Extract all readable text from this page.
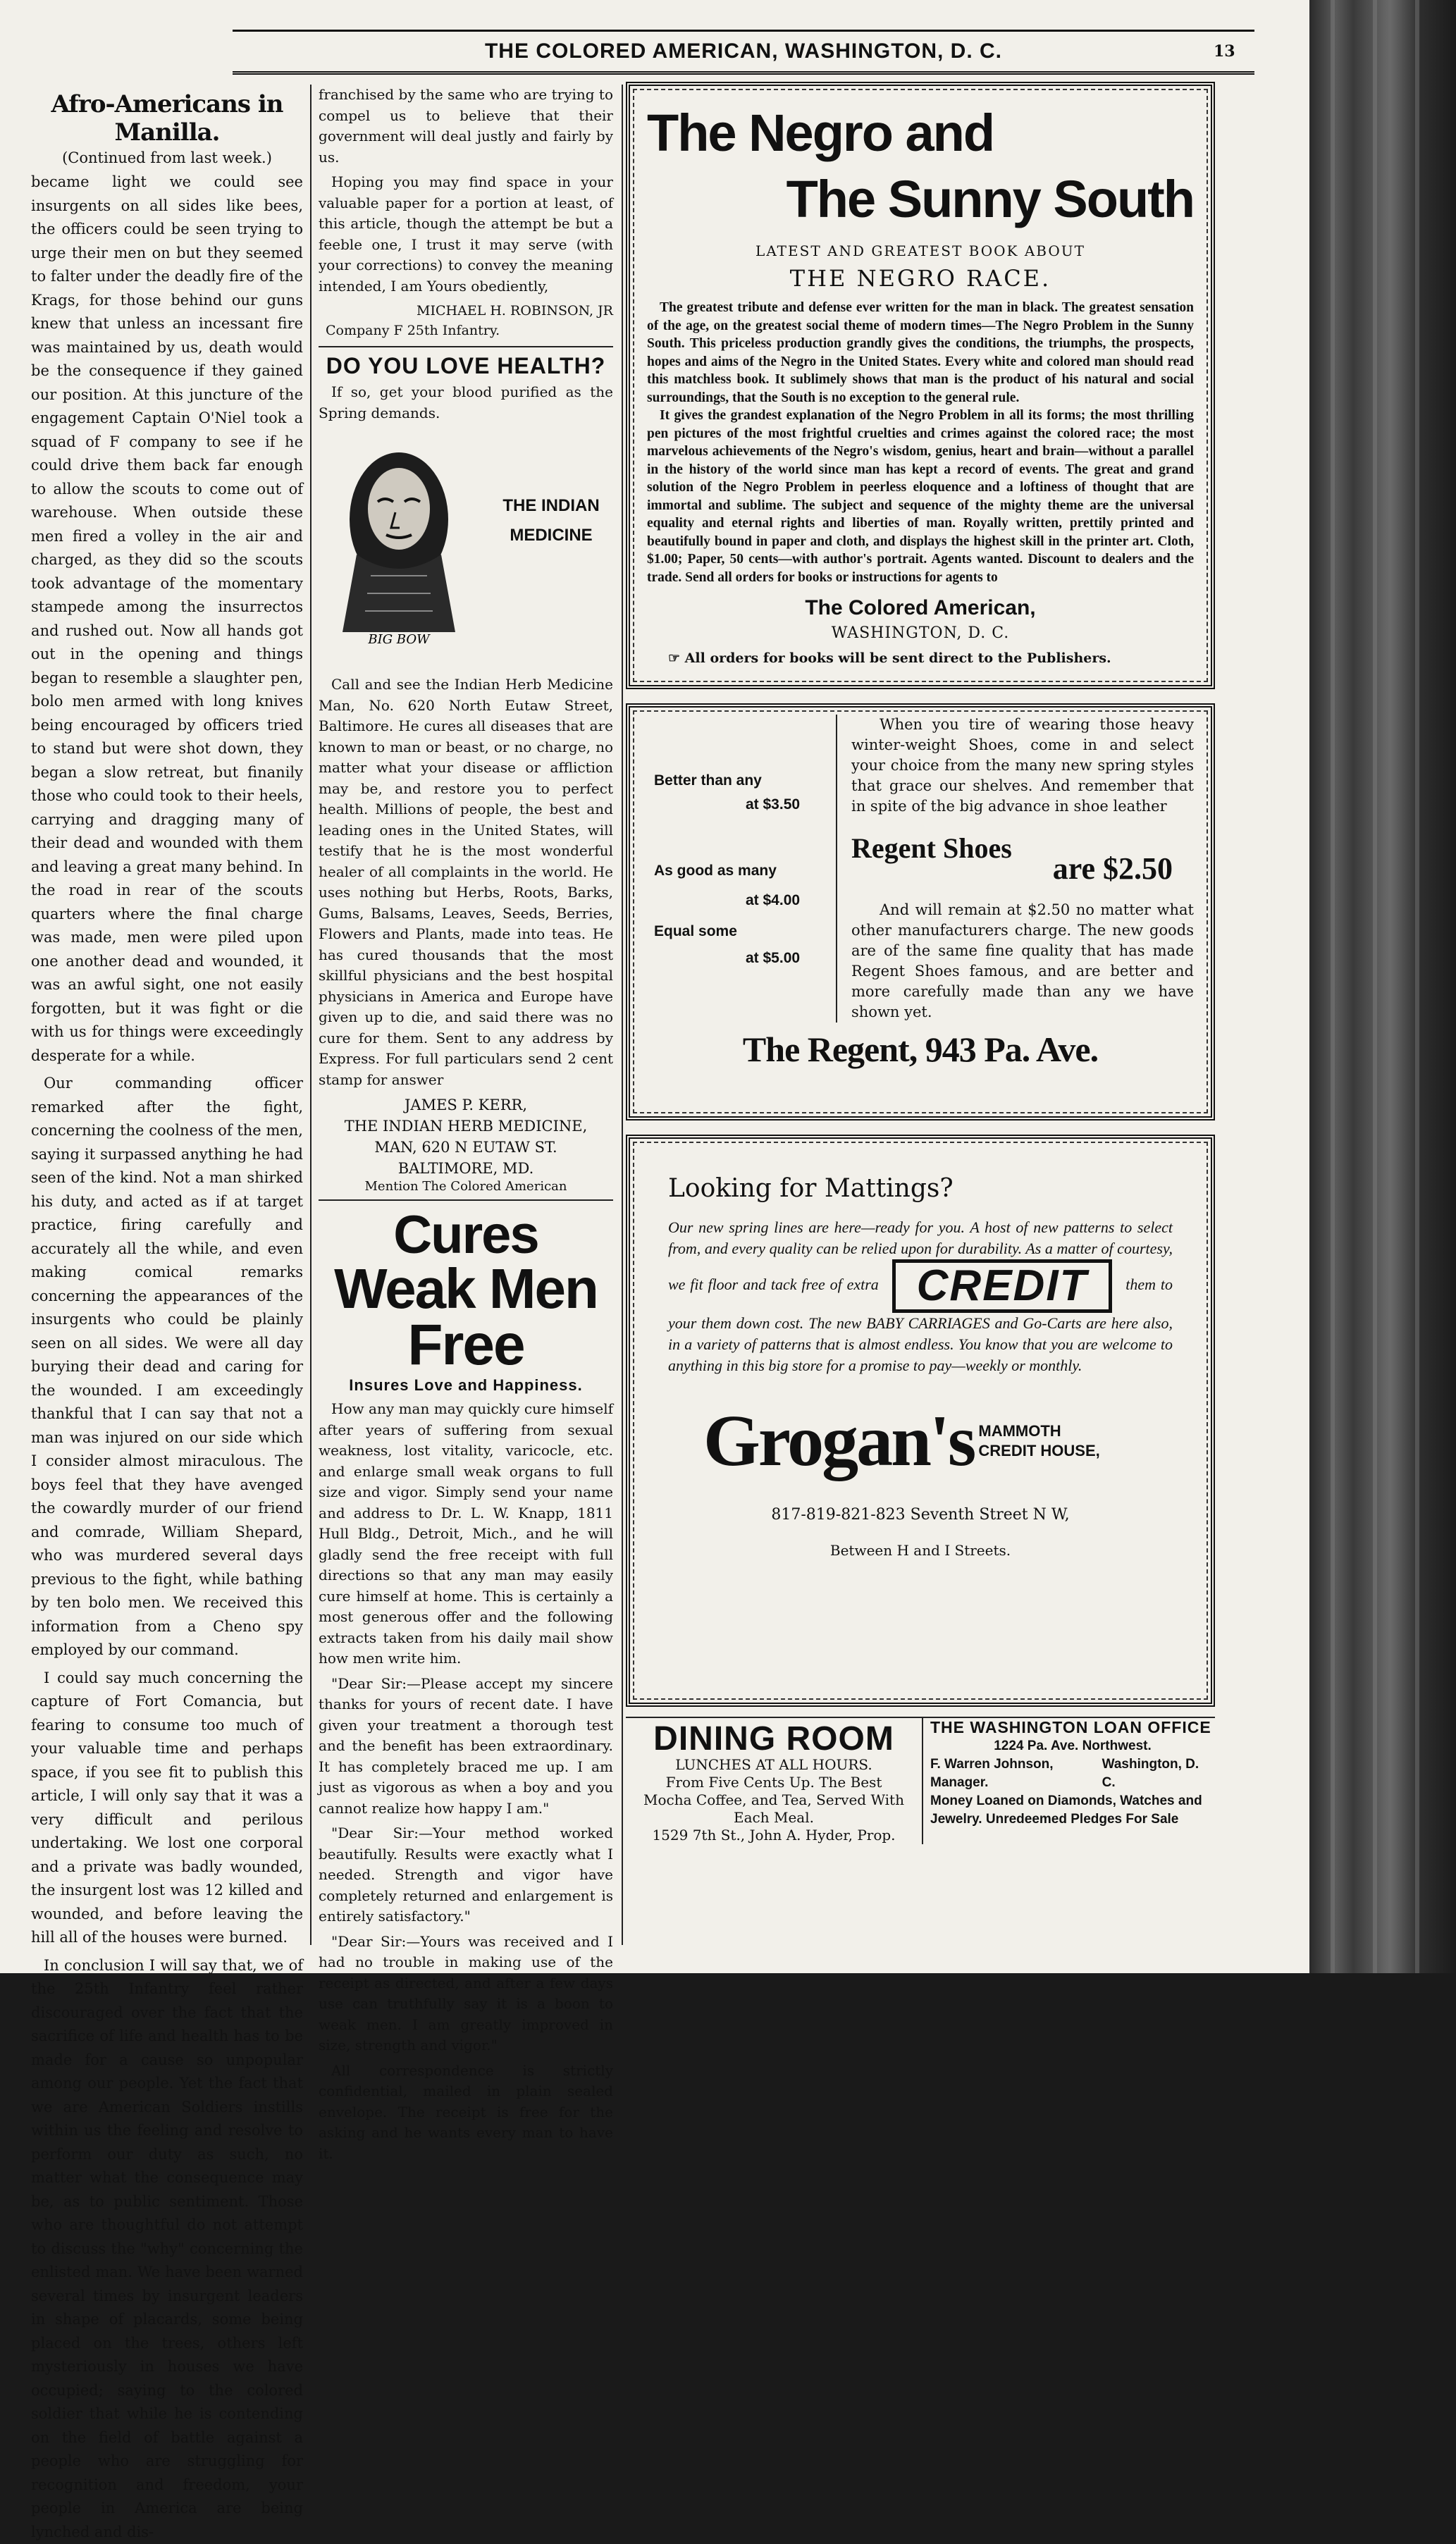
THE COLORED AMERICAN, WASHINGTON, D. C.	13
Afro-Americans in Manilla.
(Continued from last week.)

became light we could see insurgents on all sides like bees, the officers could be seen trying to urge their men on but they seemed to falter under the deadly fire of the Krags, for those behind our guns knew that unless an incessant fire was maintained by us, death would be the consequence if they gained our position. At this juncture of the engagement Captain O'Niel took a squad of F company to see if he could drive them back far enough to allow the scouts to come out of warehouse. When outside these men fired a volley in the air and charged, as they did so the scouts took advantage of the momentary stampede among the insurrectos and rushed out. Now all hands got out in the opening and things began to resemble a slaughter pen, bolo men armed with long knives being encouraged by officers tried to stand but were shot down, they began a slow retreat, but finanily those who could took to their heels, carrying and dragging many of their dead and wounded with them and leaving a great many behind. In the road in rear of the scouts quarters where the final charge was made, men were piled upon one another dead and wounded, it was an awful sight, one not easily forgotten, but it was fight or die with us for things were exceedingly desperate for a while.

Our commanding officer remarked after the fight, concerning the coolness of the men, saying it surpassed anything he had seen of the kind. Not a man shirked his duty, and acted as if at target practice, firing carefully and accurately all the while, and even making comical remarks concerning the appearances of the insurgents who could be plainly seen on all sides. We were all day burying their dead and caring for the wounded. I am exceedingly thankful that I can say that not a man was injured on our side which I consider almost miraculous. The boys feel that they have avenged the cowardly murder of our friend and comrade, William Shepard, who was murdered several days previous to the fight, while bathing by ten bolo men. We received this information from a Cheno spy employed by our command.

I could say much concerning the capture of Fort Comancia, but fearing to consume too much of your valuable time and perhaps space, if you see fit to publish this article, I will only say that it was a very difficult and perilous undertaking. We lost one corporal and a private was badly wounded, the insurgent lost was 12 killed and wounded, and before leaving the hill all of the houses were burned.

In conclusion I will say that, we of the 25th Infantry feel rather discouraged over the fact that the sacrifice of life and health has to be made for a cause so unpopular among our people. Yet the fact that we are American Soldiers instills within us the feeling and resolve to perform our duty as such, no matter what the consequence may be, as to public sentiment. Those who are thoughtful do not attempt to discuss the "why" concerning the enlisted man. We have been warned several times by insurgent leaders in shape of placards, some being placed on the trees, others left mysteriously in houses we have occupied; saying to the colored soldier that while he is contending on the field of battle against a people who are struggling for recognition and freedom, your people in America are being lynched and dis-

franchised by the same who are trying to compel us to believe that their government will deal justly and fairly by us.

Hoping you may find space in your valuable paper for a portion at least, of this article, though the attempt be but a feeble one, I trust it may serve (with your corrections) to convey the meaning intended, I am Yours obediently,

MICHAEL H. ROBINSON, JR
Company F 25th Infantry.
DO YOU LOVE HEALTH?

If so, get your blood purified as the Spring demands.

BIG BOW
THE INDIAN MEDICINE

Call and see the Indian Herb Medicine Man, No. 620 North Eutaw Street, Baltimore. He cures all diseases that are known to man or beast, or no charge, no matter what your disease or affliction may be, and restore you to perfect health. Millions of people, the best and leading ones in the United States, will testify that he is the most wonderful healer of all complaints in the world. He uses nothing but Herbs, Roots, Barks, Gums, Balsams, Leaves, Seeds, Berries, Flowers and Plants, made into teas. He has cured thousands that the most skillful physicians and the best hospital physicians in America and Europe have given up to die, and said there was no cure for them. Sent to any address by Express. For full particulars send 2 cent stamp for answer

JAMES P. KERR,
THE INDIAN HERB MEDICINE,
MAN, 620 N EUTAW ST.
BALTIMORE, MD.
Mention The Colored American
Cures
Weak Men
Free
Insures Love and Happiness.

How any man may quickly cure himself after years of suffering from sexual weakness, lost vitality, varicocle, etc. and enlarge small weak organs to full size and vigor. Simply send your name and address to Dr. L. W. Knapp, 1811 Hull Bldg., Detroit, Mich., and he will gladly send the free receipt with full directions so that any man may easily cure himself at home. This is certainly a most generous offer and the following extracts taken from his daily mail show how men write him.

"Dear Sir:—Please accept my sincere thanks for yours of recent date. I have given your treatment a thorough test and the benefit has been extraordinary. It has completely braced me up. I am just as vigorous as when a boy and you cannot realize how happy I am."

"Dear Sir:—Your method worked beautifully. Results were exactly what I needed. Strength and vigor have completely returned and enlargement is entirely satisfactory."

"Dear Sir:—Yours was received and I had no trouble in making use of the receipt as directed, and after a few days use can truthfully say it is a boon to weak men. I am greatly improved in size, strength and vigor."

All correspondence is strictly confidential, mailed in plain sealed envelope. The receipt is free for the asking and he wants every man to have it.

The Negro and
The Sunny South
LATEST AND GREATEST BOOK ABOUT
THE NEGRO RACE.
The greatest tribute and defense ever written for the man in black. The greatest sensation of the age, on the greatest social theme of modern times—The Negro Problem in the Sunny South. This priceless production grandly gives the conditions, the triumphs, the prospects, hopes and aims of the Negro in the United States. Every white and colored man should read this matchless book. It sublimely shows that man is the product of his natural and social surroundings, that the South is no exception to the general rule.
It gives the grandest explanation of the Negro Problem in all its forms; the most thrilling pen pictures of the most frightful cruelties and crimes against the colored race; the most marvelous achievements of the Negro's wisdom, genius, heart and brain—without a parallel in the history of the world since man has kept a record of events. The great and grand solution of the Negro Problem in peerless eloquence and a loftiness of thought that are immortal and sublime. The subject and sequence of the mighty theme are the universal equality and eternal rights and liberties of man. Royally written, prettily printed and beautifully bound in paper and cloth, and displays the highest skill in the printer art. Cloth, $1.00; Paper, 50 cents—with author's portrait. Agents wanted. Discount to dealers and the trade. Send all orders for books or instructions for agents to
The Colored American,
WASHINGTON, D. C.
☞ All orders for books will be sent direct to the Publishers.
Better than any
at $3.50
As good as many
at $4.00
Equal some
at $5.00
When you tire of wearing those heavy winter-weight Shoes, come in and select your choice from the many new spring styles that grace our shelves. And remember that in spite of the big advance in shoe leather
Regent Shoes
are $2.50
And will remain at $2.50 no matter what other manufacturers charge. The new goods are of the same fine quality that has made Regent Shoes famous, and are better and more carefully made than any we have shown yet.
The Regent, 943 Pa. Ave.
Looking for Mattings?
Our new spring lines are here—ready for you. A host of new patterns to select from, and every quality can be relied upon for durability. As a matter of courtesy, we fit floor and tack free of extra CREDIT them to your them down cost. The new BABY CARRIAGES and Go-Carts are here also, in a variety of patterns that is almost endless. You know that you are welcome to anything in this big store for a promise to pay—weekly or monthly.
Grogan's MAMMOTH
CREDIT HOUSE,
817-819-821-823 Seventh Street N W,
Between H and I Streets.
DINING ROOM
LUNCHES AT ALL HOURS.
From Five Cents Up. The Best
Mocha Coffee, and Tea, Served With
Each Meal.
1529 7th St., John A. Hyder, Prop.
THE WASHINGTON LOAN OFFICE
1224 Pa. Ave. Northwest.
F. Warren Johnson, Manager.
Washington, D. C.
Money Loaned on Diamonds, Watches and
Jewelry. Unredeemed Pledges For Sale
